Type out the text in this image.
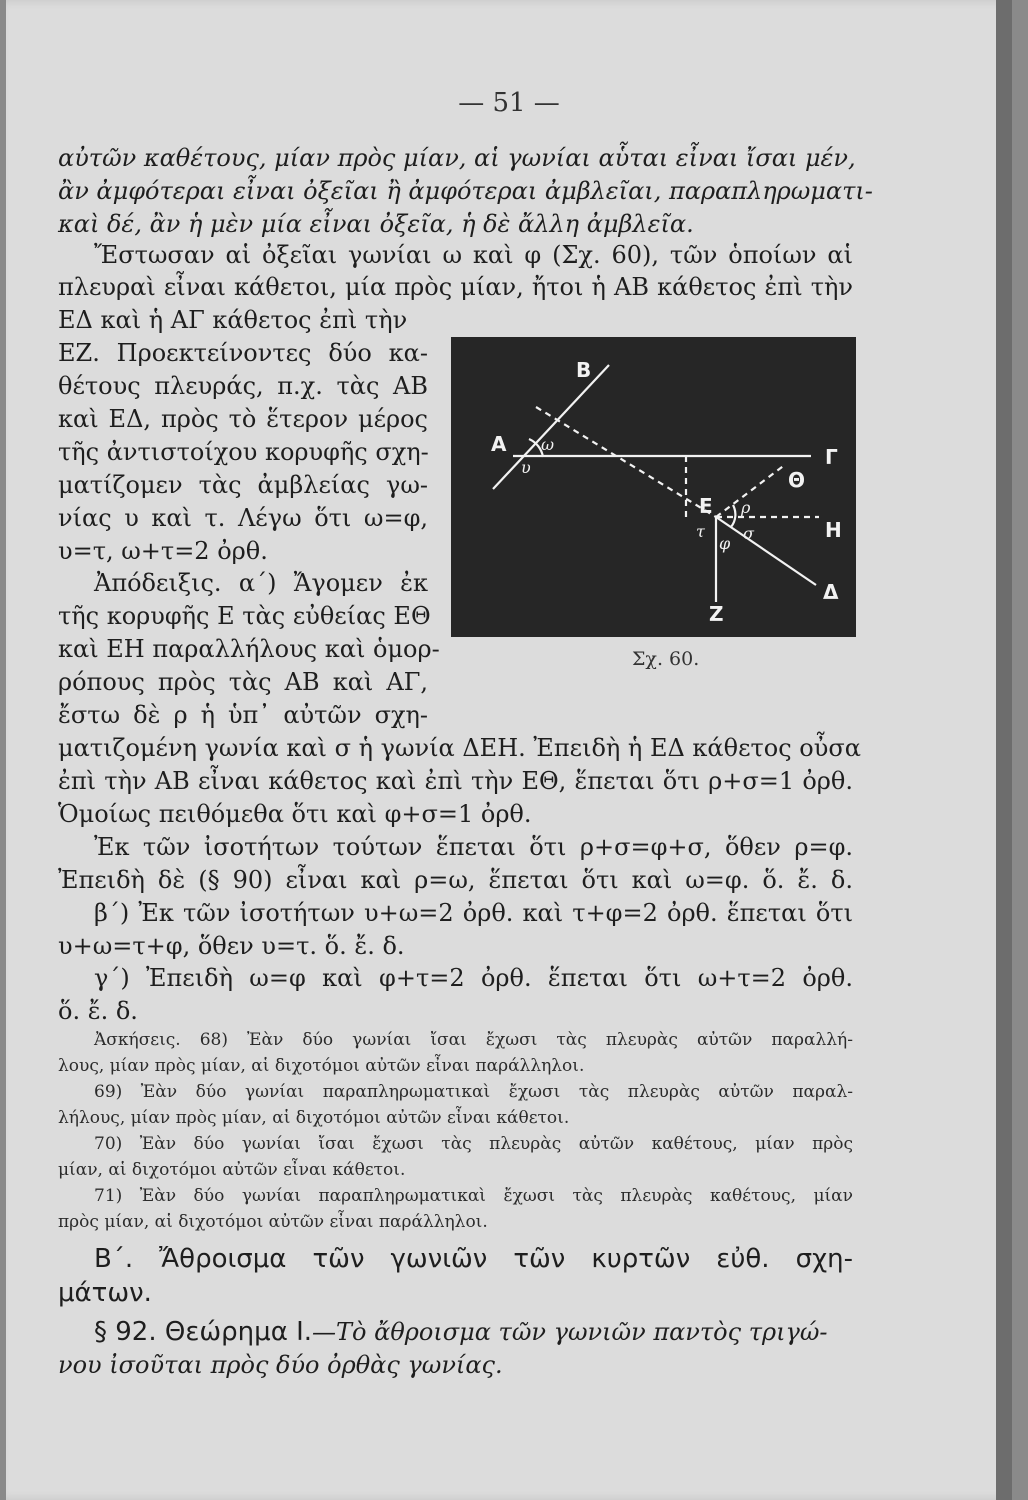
— 51 —
αὐτῶν καθέτους, μίαν πρὸς μίαν, αἱ γωνίαι αὗται εἶναι ἴσαι μέν,
ἂν ἀμφότεραι εἶναι ὀξεῖαι ἢ ἀμφότεραι ἀμβλεῖαι, παραπληρωματι-
καὶ δέ, ἂν ἡ μὲν μία εἶναι ὀξεῖα, ἡ δὲ ἄλλη ἀμβλεῖα.
Ἔστωσαν αἱ ὀξεῖαι γωνίαι ω καὶ φ (Σχ. 60), τῶν ὁποίων αἱ
πλευραὶ εἶναι κάθετοι, μία πρὸς μίαν, ἤτοι ἡ ΑΒ κάθετος ἐπὶ τὴν
ΕΔ καὶ ἡ ΑΓ κάθετος ἐπὶ τὴν
ΕΖ. Προεκτείνοντες δύο κα-
θέτους πλευράς, π.χ. τὰς ΑΒ
καὶ ΕΔ, πρὸς τὸ ἕτερον μέρος
τῆς ἀντιστοίχου κορυφῆς σχη-
ματίζομεν τὰς ἀμβλείας γω-
νίας υ καὶ τ. Λέγω ὅτι ω=φ,
υ=τ, ω+τ=2 ὀρθ.
Ἀπόδειξις. α΄) Ἄγομεν ἐκ
τῆς κορυφῆς Ε τὰς εὐθείας ΕΘ
καὶ ΕΗ παραλλήλους καὶ ὁμορ-
ρόπους πρὸς τὰς ΑΒ καὶ ΑΓ,
ἔστω δὲ ρ ἡ ὑπ᾽ αὐτῶν σχη-
ματιζομένη γωνία καὶ σ ἡ γωνία ΔΕΗ. Ἐπειδὴ ἡ ΕΔ κάθετος οὖσα
ἐπὶ τὴν ΑΒ εἶναι κάθετος καὶ ἐπὶ τὴν ΕΘ, ἕπεται ὅτι ρ+σ=1 ὀρθ.
Ὁμοίως πειθόμεθα ὅτι καὶ φ+σ=1 ὀρθ.
Ἐκ τῶν ἰσοτήτων τούτων ἕπεται ὅτι ρ+σ=φ+σ, ὅθεν ρ=φ.
Ἐπειδὴ δὲ (§ 90) εἶναι καὶ ρ=ω, ἕπεται ὅτι καὶ ω=φ. ὅ. ἔ. δ.
β΄) Ἐκ τῶν ἰσοτήτων υ+ω=2 ὀρθ. καὶ τ+φ=2 ὀρθ. ἕπεται ὅτι
υ+ω=τ+φ, ὅθεν υ=τ. ὅ. ἔ. δ.
γ΄) Ἐπειδὴ ω=φ καὶ φ+τ=2 ὀρθ. ἕπεται ὅτι ω+τ=2 ὀρθ.
ὅ. ἔ. δ.
Ἀσκήσεις. 68) Ἐὰν δύο γωνίαι ἴσαι ἔχωσι τὰς πλευρὰς αὐτῶν παραλλή-
λους, μίαν πρὸς μίαν, αἱ διχοτόμοι αὐτῶν εἶναι παράλληλοι.
69) Ἐὰν δύο γωνίαι παραπληρωματικαὶ ἔχωσι τὰς πλευρὰς αὐτῶν παραλ-
λήλους, μίαν πρὸς μίαν, αἱ διχοτόμοι αὐτῶν εἶναι κάθετοι.
70) Ἐὰν δύο γωνίαι ἴσαι ἔχωσι τὰς πλευρὰς αὐτῶν καθέτους, μίαν πρὸς
μίαν, αἱ διχοτόμοι αὐτῶν εἶναι κάθετοι.
71) Ἐὰν δύο γωνίαι παραπληρωματικαὶ ἔχωσι τὰς πλευρὰς καθέτους, μίαν
πρὸς μίαν, αἱ διχοτόμοι αὐτῶν εἶναι παράλληλοι.
Β΄. Ἄθροισμα τῶν γωνιῶν τῶν κυρτῶν εὐθ. σχη-
μάτων.
§ 92. Θεώρημα Ι.—Τὸ ἄθροισμα τῶν γωνιῶν παντὸς τριγώ-
νου ἰσοῦται πρὸς δύο ὀρθὰς γωνίας.
Α
Β
Γ
Θ
Ε
Η
Δ
Ζ
ω
υ
τ
ρ
φ
σ
Σχ. 60.
